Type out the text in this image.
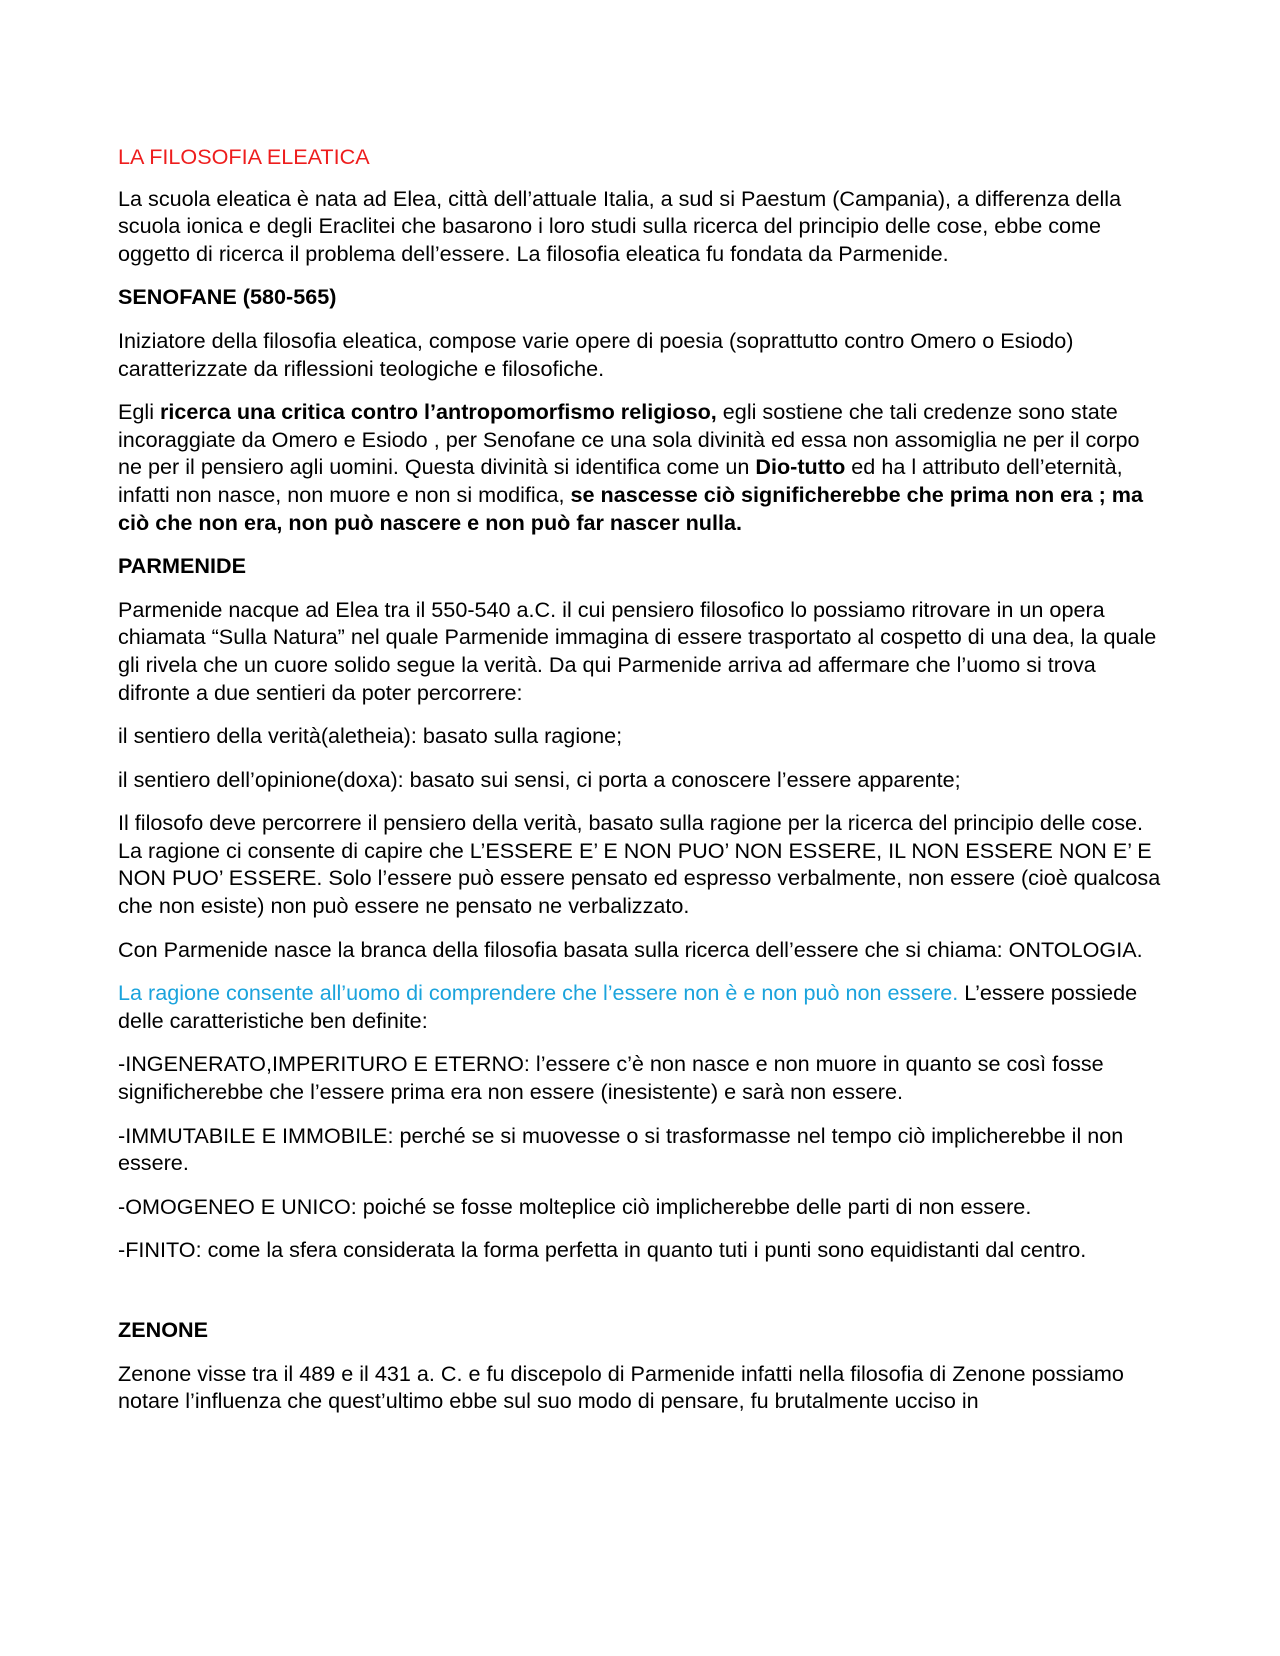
LA FILOSOFIA ELEATICA

La scuola eleatica è nata ad Elea, città dell’attuale Italia, a sud si Paestum (Campania), a differenza della scuola ionica e degli Eraclitei che basarono i loro studi sulla ricerca del principio delle cose, ebbe come oggetto di ricerca il problema dell’essere. La filosofia eleatica fu fondata da Parmenide.

SENOFANE (580-565)

Iniziatore della filosofia eleatica, compose varie opere di poesia (soprattutto contro Omero o Esiodo) caratterizzate da riflessioni teologiche e filosofiche.

Egli ricerca una critica contro l’antropomorfismo religioso, egli sostiene che tali credenze sono state incoraggiate da Omero e Esiodo , per Senofane ce una sola divinità ed essa non assomiglia ne per il corpo ne per il pensiero agli uomini. Questa divinità si identifica come un Dio-tutto ed ha l attributo dell’eternità, infatti non nasce, non muore e non si modifica, se nascesse ciò significherebbe che prima non era ; ma ciò che non era, non può nascere e non può far nascer nulla.

PARMENIDE

Parmenide nacque ad Elea tra il 550-540 a.C. il cui pensiero filosofico lo possiamo ritrovare in un opera chiamata “Sulla Natura” nel quale Parmenide immagina di essere trasportato al cospetto di una dea, la quale gli rivela che un cuore solido segue la verità. Da qui Parmenide arriva ad affermare che l’uomo si trova difronte a due sentieri da poter percorrere:

il sentiero della verità(aletheia): basato sulla ragione;

il sentiero dell’opinione(doxa): basato sui sensi, ci porta a conoscere l’essere apparente;

Il filosofo deve percorrere il pensiero della verità, basato sulla ragione per la ricerca del principio delle cose. La ragione ci consente di capire che L’ESSERE E’ E NON PUO’ NON ESSERE, IL NON ESSERE NON E’ E NON PUO’ ESSERE. Solo l’essere può essere pensato ed espresso verbalmente, non essere (cioè qualcosa che non esiste) non può essere ne pensato ne verbalizzato.

Con Parmenide nasce la branca della filosofia basata sulla ricerca dell’essere che si chiama: ONTOLOGIA.

La ragione consente all’uomo di comprendere che l’essere non è e non può non essere. L’essere possiede delle caratteristiche ben definite:

-INGENERATO,IMPERITURO E ETERNO: l’essere c’è non nasce e non muore in quanto se così fosse significherebbe che l’essere prima era non essere (inesistente) e sarà non essere.

-IMMUTABILE E IMMOBILE: perché se si muovesse o si trasformasse nel tempo ciò implicherebbe il non essere.

-OMOGENEO E UNICO: poiché se fosse molteplice ciò implicherebbe delle parti di non essere.

-FINITO: come la sfera considerata la forma perfetta in quanto tuti i punti sono equidistanti dal centro.

ZENONE

Zenone visse tra il 489 e il 431 a. C. e fu discepolo di Parmenide infatti nella filosofia di Zenone possiamo notare l’influenza che quest’ultimo ebbe sul suo modo di pensare, fu brutalmente ucciso in
